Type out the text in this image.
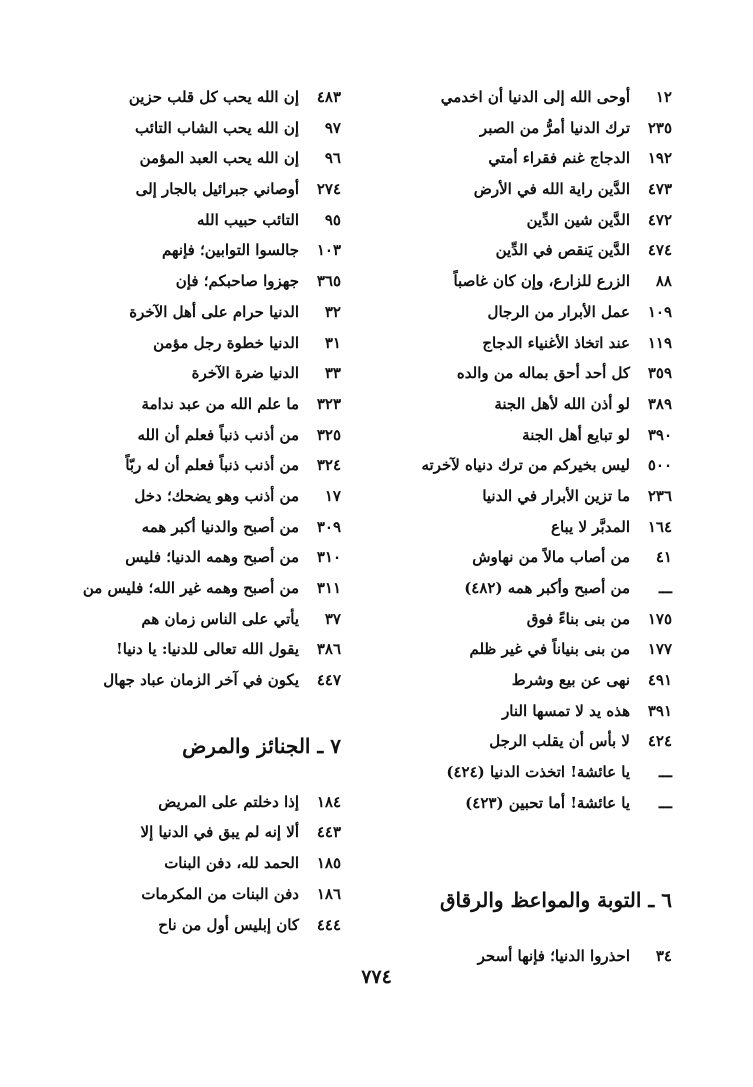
١٢أوحى الله إلى الدنيا أن اخدمي
٢٣٥ترك الدنيا أمرُّ من الصبر
١٩٢الدجاج غنم فقراء أمتي
٤٧٣الدَّين راية الله في الأرض
٤٧٢الدَّين شين الدِّين
٤٧٤الدَّين يَنقص في الدِّين
٨٨الزرع للزارع، وإن كان غاصباً
١٠٩عمل الأبرار من الرجال
١١٩عند اتخاذ الأغنياء الدجاج
٣٥٩كل أحد أحق بماله من والده
٣٨٩لو أذن الله لأهل الجنة
٣٩٠لو تبايع أهل الجنة
٥٠٠ليس بخيركم من ترك دنياه لآخرته
٢٣٦ما تزين الأبرار في الدنيا
١٦٤المدبَّر لا يباع
٤١من أصاب مالاً من نهاوش
ـــمن أصبح وأكبر همه (٤٨٢)
١٧٥من بنى بناءً فوق
١٧٧من بنى بنياناً في غير ظلم
٤٩١نهى عن بيع وشرط
٣٩١هذه يد لا تمسها النار
٤٢٤لا بأس أن يقلب الرجل
ـــيا عائشة! اتخذت الدنيا (٤٢٤)
ـــيا عائشة! أما تحبين (٤٢٣)
٦ ـ التوبة والمواعظ والرقاق
٣٤احذروا الدنيا؛ فإنها أسحر
٤٨٣إن الله يحب كل قلب حزين
٩٧إن الله يحب الشاب التائب
٩٦إن الله يحب العبد المؤمن
٢٧٤أوصاني جبرائيل بالجار إلى
٩٥التائب حبيب الله
١٠٣جالسوا التوابين؛ فإنهم
٣٦٥جهزوا صاحبكم؛ فإن
٣٢الدنيا حرام على أهل الآخرة
٣١الدنيا خطوة رجل مؤمن
٣٣الدنيا ضرة الآخرة
٣٢٣ما علم الله من عبد ندامة
٣٢٥من أذنب ذنباً فعلم أن الله
٣٢٤من أذنب ذنباً فعلم أن له ربّاً
١٧من أذنب وهو يضحك؛ دخل
٣٠٩من أصبح والدنيا أكبر همه
٣١٠من أصبح وهمه الدنيا؛ فليس
٣١١من أصبح وهمه غير الله؛ فليس من
٣٧يأتي على الناس زمان هم
٣٨٦يقول الله تعالى للدنيا: يا دنيا!
٤٤٧يكون في آخر الزمان عباد جهال
٧ ـ الجنائز والمرض
١٨٤إذا دخلتم على المريض
٤٤٣ألا إنه لم يبق في الدنيا إلا
١٨٥الحمد لله، دفن البنات
١٨٦دفن البنات من المكرمات
٤٤٤كان إبليس أول من ناح
٧٧٤
